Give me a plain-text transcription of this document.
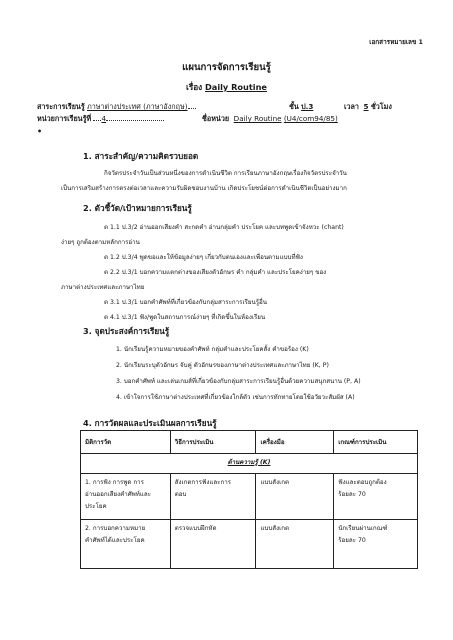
เอกสารหมายเลข 1
แผนการจัดการเรียนรู้
เรื่อง Daily Routine
สาระการเรียนรู้ ภาษาต่างประเทศ (ภาษาอังกฤษ)	ชั้น ป.3	เวลา 5 ชั่วโมง
หน่วยการเรียนรู้ที่ 4	ชื่อหน่วย Daily Routine (U4/com94/85)
•
1. สาระสำคัญ/ความคิดรวบยอด
กิจวัตรประจำวันเป็นส่วนหนึ่งของการดำเนินชีวิต การเรียนภาษาอังกฤษเรื่องกิจวัตรประจำวัน
เป็นการเสริมสร้างการตรงต่อเวลาและความรับผิดชอบงานบ้าน เกิดประโยชน์ต่อการดำเนินชีวิตเป็นอย่างมาก
2. ตัวชี้วัด/เป้าหมายการเรียนรู้
ต 1.1 ป.3/2 อ่านออกเสียงคำ สะกดคำ อ่านกลุ่มคำ ประโยค และบทพูดเข้าจังหวะ (chant)
ง่ายๆ ถูกต้องตามหลักการอ่าน
ต 1.2 ป.3/4 พูดขอและให้ข้อมูลง่ายๆ เกี่ยวกับตนเองและเพื่อนตามแบบที่ฟัง
ต 2.2 ป.3/1 บอกความแตกต่างของเสียงตัวอักษร คำ กลุ่มคำ และประโยคง่ายๆ ของ
ภาษาต่างประเทศและภาษาไทย
ต 3.1 ป.3/1 บอกคำศัพท์ที่เกี่ยวข้องกับกลุ่มสาระการเรียนรู้อื่น
ต 4.1 ป.3/1 ฟัง/พูดในสถานการณ์ง่ายๆ ที่เกิดขึ้นในห้องเรียน
3. จุดประสงค์การเรียนรู้
1. นักเรียนรู้ความหมายของคำศัพท์ กลุ่มคำและประโยคสั้ง คำขอร้อง (K)
2. นักเรียนระบุตัวอักษร จับคู่ ตัวอักษรของภาษาต่างประเทศและภาษาไทย (K, P)
3. บอกคำศัพท์ และเล่นเกมส์ที่เกี่ยวข้องกับกลุ่มสาระการเรียนรู้อื่นด้วยความสนุกสนาน (P, A)
4. เข้าใจการใช้ภาษาต่างประเทศที่เกี่ยวข้องใกล้ตัว เช่นการทักทายโดยใช้อวัยวะสัมผัส (A)
4. การวัดผลและประเมินผลการเรียนรู้
มิติการวัด	วิธีการประเมิน	เครื่องมือ	เกณฑ์การประเมิน
ด้านความรู้ (K)			

1. การฟัง การพูด การ
อ่านออกเสียงคำศัพท์และ
ประโยค	สังเกตการฟังและการ
ตอบ	แบบสังเกต	ฟังและตอบถูกต้อง
ร้อยละ 70

2. การบอกความหมาย
คำศัพท์ได้และประโยค	ตรวจแบบฝึกหัด	แบบสังเกต	นักเรียนผ่านเกณฑ์
ร้อยละ 70
